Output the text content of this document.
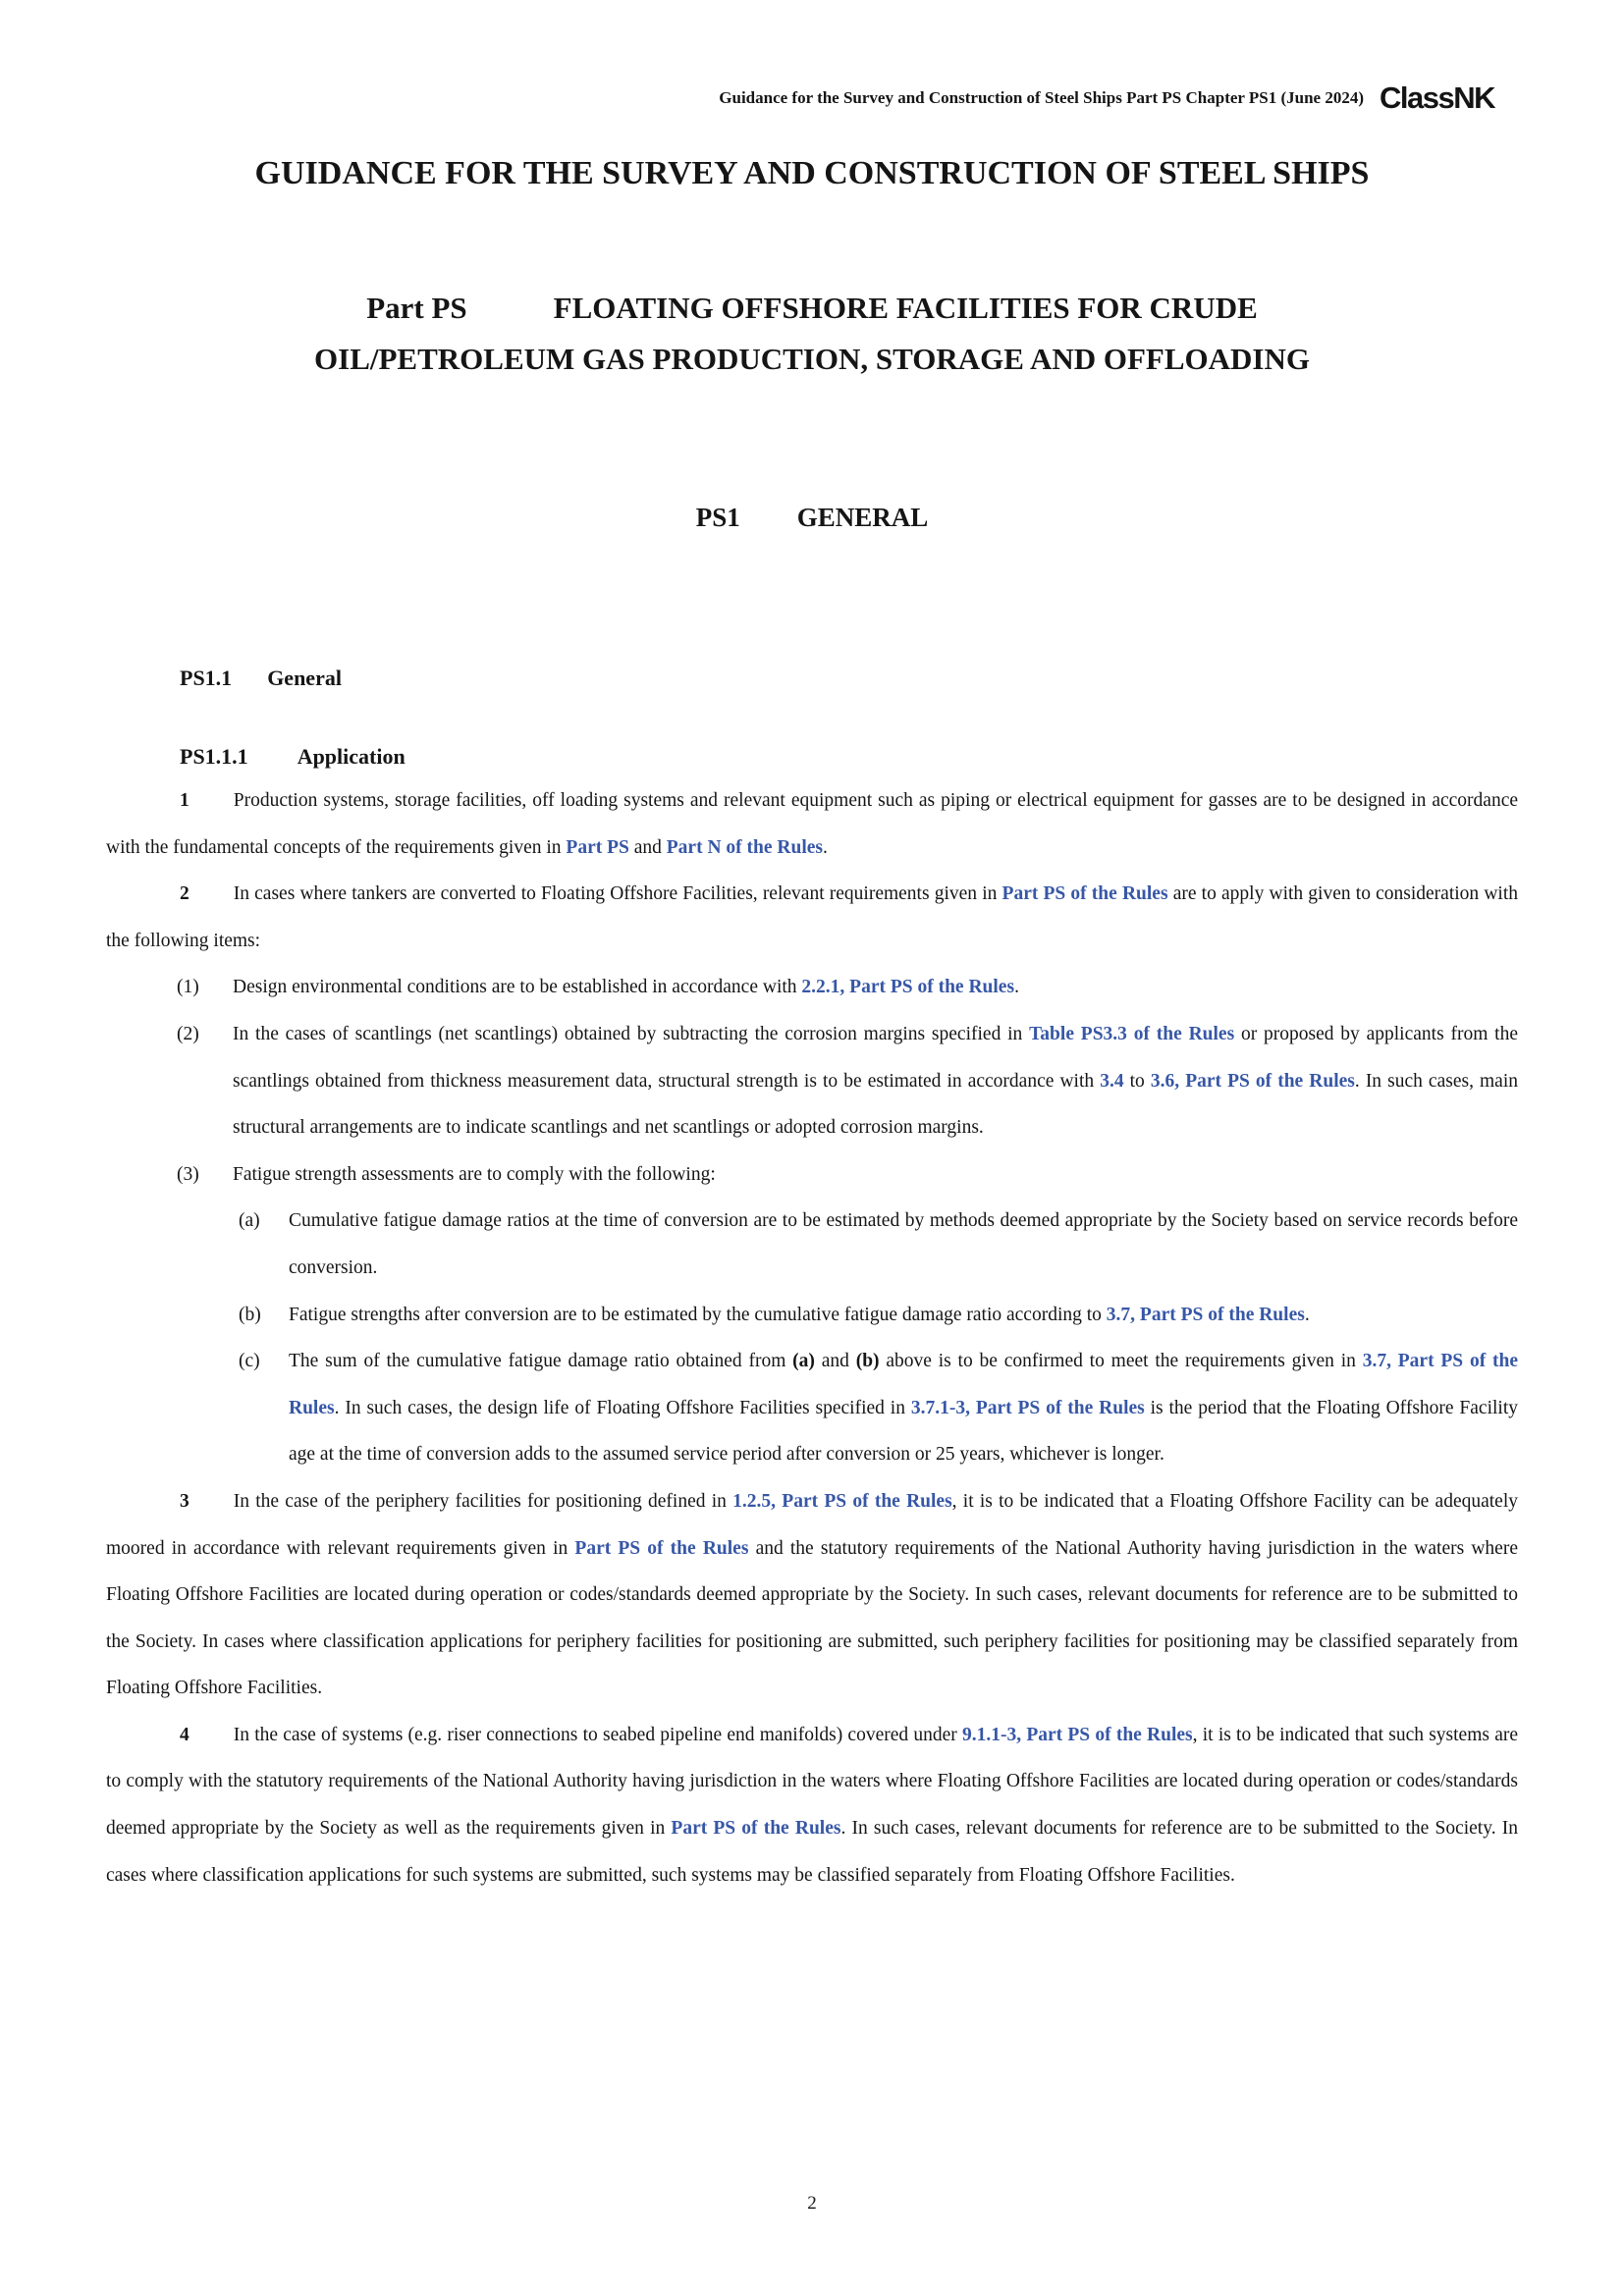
Guidance for the Survey and Construction of Steel Ships Part PS Chapter PS1 (June 2024) ClassNK
GUIDANCE FOR THE SURVEY AND CONSTRUCTION OF STEEL SHIPS
Part PS	FLOATING OFFSHORE FACILITIES FOR CRUDE
OIL/PETROLEUM GAS PRODUCTION, STORAGE AND OFFLOADING
PS1 GENERAL
PS1.1 General
PS1.1.1 Application
1 Production systems, storage facilities, off loading systems and relevant equipment such as piping or electrical equipment for gasses are to be designed in accordance with the fundamental concepts of the requirements given in Part PS and Part N of the Rules.
2 In cases where tankers are converted to Floating Offshore Facilities, relevant requirements given in Part PS of the Rules are to apply with given to consideration with the following items:
(1) Design environmental conditions are to be established in accordance with 2.2.1, Part PS of the Rules.
(2) In the cases of scantlings (net scantlings) obtained by subtracting the corrosion margins specified in Table PS3.3 of the Rules or proposed by applicants from the scantlings obtained from thickness measurement data, structural strength is to be estimated in accordance with 3.4 to 3.6, Part PS of the Rules. In such cases, main structural arrangements are to indicate scantlings and net scantlings or adopted corrosion margins.
(3) Fatigue strength assessments are to comply with the following:
(a) Cumulative fatigue damage ratios at the time of conversion are to be estimated by methods deemed appropriate by the Society based on service records before conversion.
(b) Fatigue strengths after conversion are to be estimated by the cumulative fatigue damage ratio according to 3.7, Part PS of the Rules.
(c) The sum of the cumulative fatigue damage ratio obtained from (a) and (b) above is to be confirmed to meet the requirements given in 3.7, Part PS of the Rules. In such cases, the design life of Floating Offshore Facilities specified in 3.7.1-3, Part PS of the Rules is the period that the Floating Offshore Facility age at the time of conversion adds to the assumed service period after conversion or 25 years, whichever is longer.
3 In the case of the periphery facilities for positioning defined in 1.2.5, Part PS of the Rules, it is to be indicated that a Floating Offshore Facility can be adequately moored in accordance with relevant requirements given in Part PS of the Rules and the statutory requirements of the National Authority having jurisdiction in the waters where Floating Offshore Facilities are located during operation or codes/standards deemed appropriate by the Society. In such cases, relevant documents for reference are to be submitted to the Society. In cases where classification applications for periphery facilities for positioning are submitted, such periphery facilities for positioning may be classified separately from Floating Offshore Facilities.
4 In the case of systems (e.g. riser connections to seabed pipeline end manifolds) covered under 9.1.1-3, Part PS of the Rules, it is to be indicated that such systems are to comply with the statutory requirements of the National Authority having jurisdiction in the waters where Floating Offshore Facilities are located during operation or codes/standards deemed appropriate by the Society as well as the requirements given in Part PS of the Rules. In such cases, relevant documents for reference are to be submitted to the Society. In cases where classification applications for such systems are submitted, such systems may be classified separately from Floating Offshore Facilities.
2
